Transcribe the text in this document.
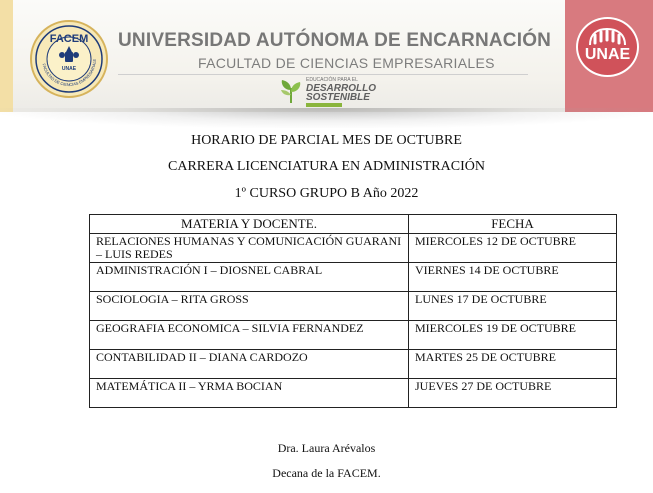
FACEM
FACULTAD DE CIENCIAS EMPRESARIALE
UNAE
UNIVERSIDAD AUTÓNOMA DE ENCARNACIÓN
FACULTAD DE CIENCIAS EMPRESARIALES
EDUCACIÓN PARA EL
DESARROLLO
SOSTENIBLE
UNAE
HORARIO DE PARCIAL MES DE OCTUBRE
CARRERA LICENCIATURA EN ADMINISTRACIÓN
1º CURSO GRUPO B Año 2022
MATERIA Y DOCENTE.	FECHA
RELACIONES HUMANAS Y COMUNICACIÓN GUARANI – LUIS REDES	MIERCOLES 12 DE OCTUBRE
ADMINISTRACIÓN I – DIOSNEL CABRAL	VIERNES 14 DE OCTUBRE
SOCIOLOGIA – RITA GROSS	LUNES 17 DE OCTUBRE
GEOGRAFIA ECONOMICA – SILVIA FERNANDEZ	MIERCOLES 19 DE OCTUBRE
CONTABILIDAD II – DIANA CARDOZO	MARTES 25 DE OCTUBRE
MATEMÁTICA II – YRMA BOCIAN	JUEVES 27 DE OCTUBRE
Dra. Laura Arévalos
Decana de la FACEM.
